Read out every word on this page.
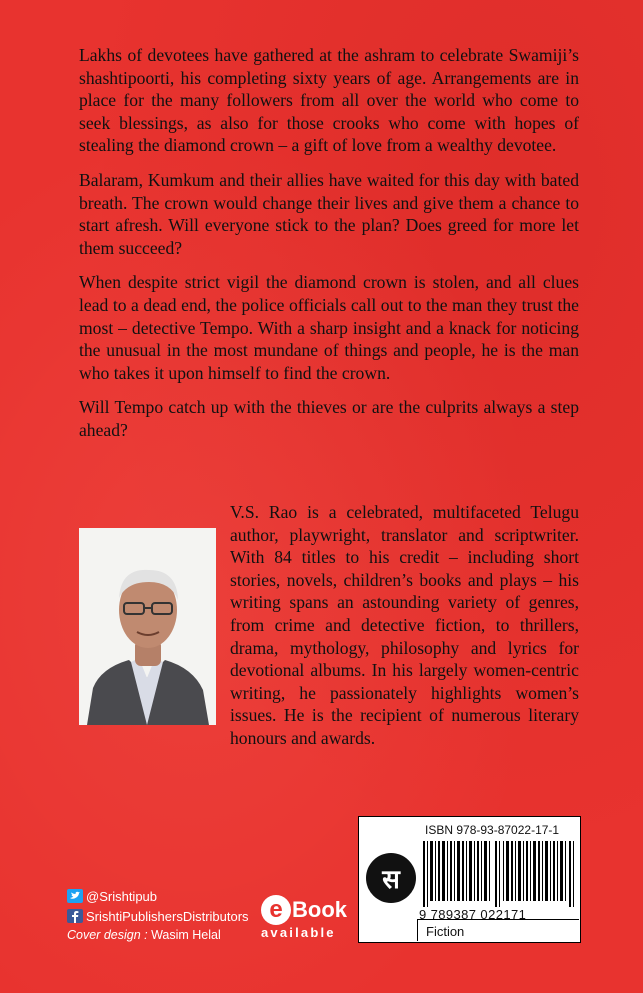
Lakhs of devotees have gathered at the ashram to celebrate Swamiji’s shashtipoorti, his completing sixty years of age. Arrangements are in place for the many followers from all over the world who come to seek blessings, as also for those crooks who come with hopes of stealing the diamond crown – a gift of love from a wealthy devotee.

Balaram, Kumkum and their allies have waited for this day with bated breath. The crown would change their lives and give them a chance to start afresh. Will everyone stick to the plan? Does greed for more let them succeed?

When despite strict vigil the diamond crown is stolen, and all clues lead to a dead end, the police officials call out to the man they trust the most – detective Tempo. With a sharp insight and a knack for noticing the unusual in the most mundane of things and people, he is the man who takes it upon himself to find the crown.

Will Tempo catch up with the thieves or are the culprits always a step ahead?

V.S. Rao is a celebrated, multifaceted Telugu author, playwright, translator and scriptwriter. With 84 titles to his credit – including short stories, novels, children’s books and plays – his writing spans an astounding variety of genres, from crime and detective fiction, to thrillers, drama, mythology, philosophy and lyrics for devotional albums. In his largely women-centric writing, he passionately highlights women’s issues. He is the recipient of numerous literary honours and awards.

ISBN 978-93-87022-17-1
स
9 789387 022171
Fiction
@Srishtipub
SrishtiPublishersDistributors
Cover design : Wasim Helal
e Book
available
